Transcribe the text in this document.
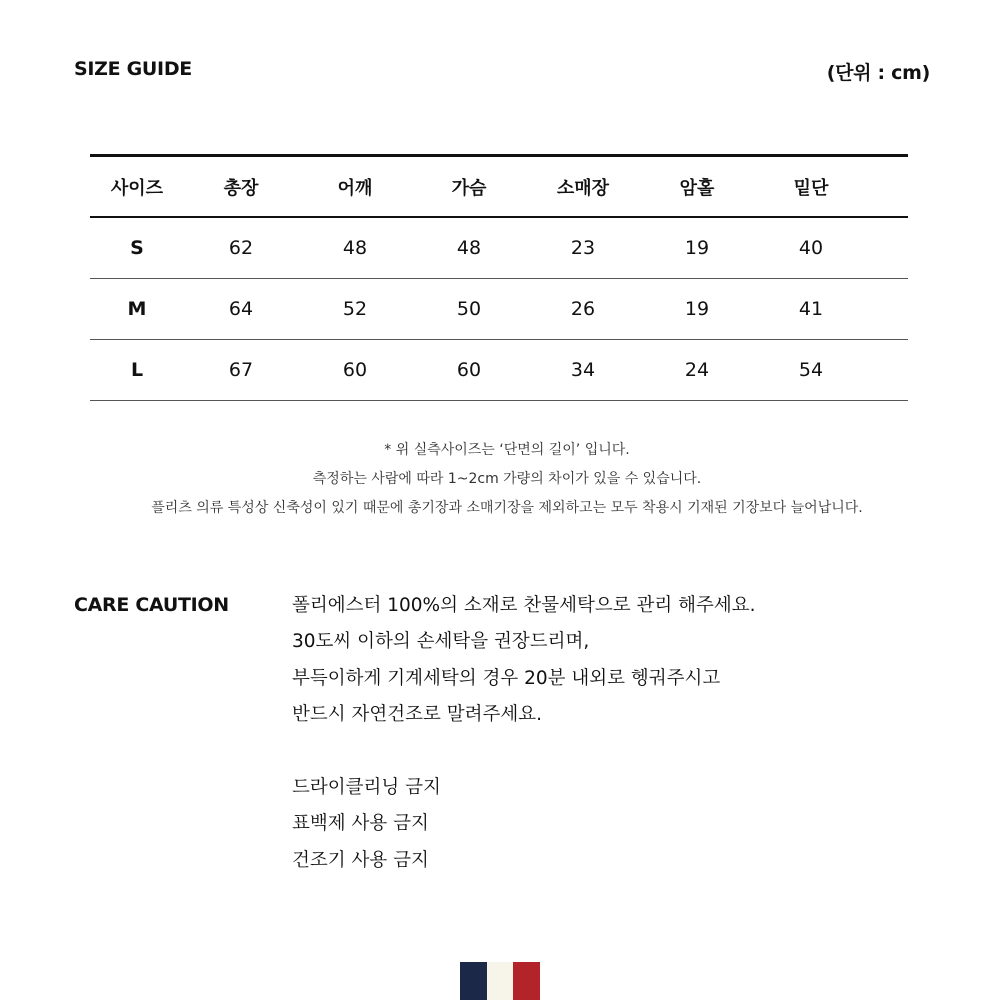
SIZE GUIDE	(단위 : cm)
사이즈	총장	어깨	가슴	소매장	암홀	밑단
S	62	48	48	23	19	40
M	64	52	50	26	19	41
L	67	60	60	34	24	54
* 위 실측사이즈는 ‘단면의 길이’ 입니다.
측정하는 사람에 따라 1~2cm 가량의 차이가 있을 수 있습니다.
플리츠 의류 특성상 신축성이 있기 때문에 총기장과 소매기장을 제외하고는 모두 착용시 기재된 기장보다 늘어납니다.
CARE CAUTION	폴리에스터 100%의 소재로 찬물세탁으로 관리 해주세요.
30도씨 이하의 손세탁을 권장드리며,
부득이하게 기계세탁의 경우 20분 내외로 헹궈주시고
반드시 자연건조로 말려주세요.
드라이클리닝 금지
표백제 사용 금지
건조기 사용 금지
